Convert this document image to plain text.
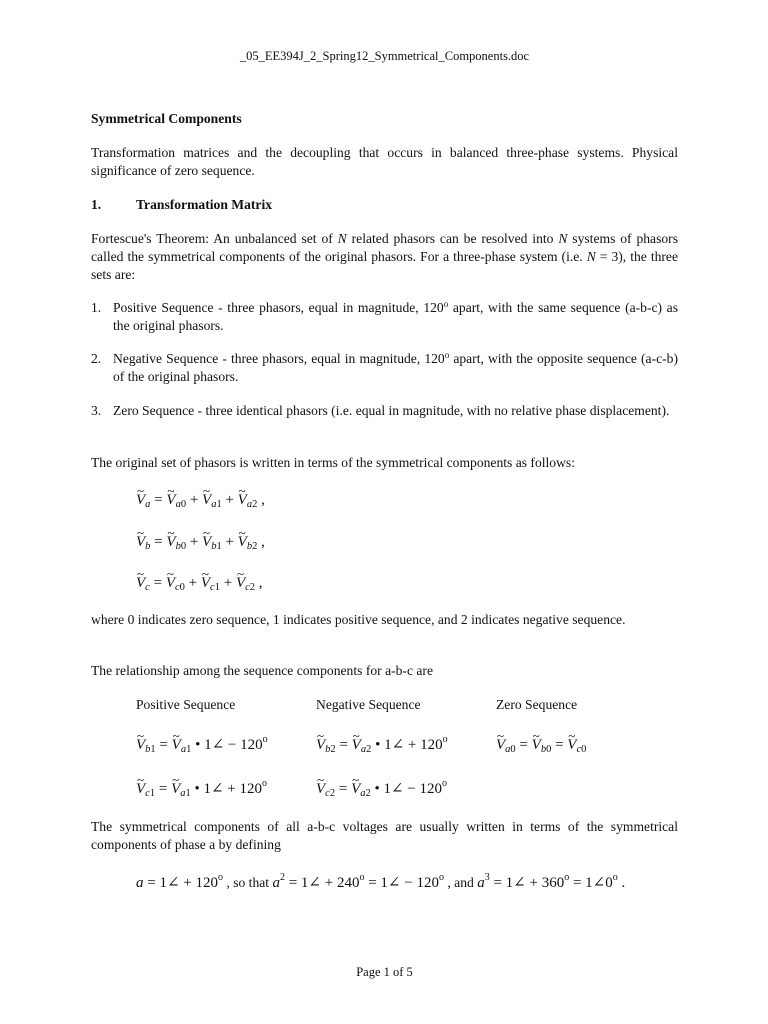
_05_EE394J_2_Spring12_Symmetrical_Components.doc
Symmetrical Components
Transformation matrices and the decoupling that occurs in balanced three-phase systems. Physical significance of zero sequence.
1.	Transformation Matrix
Fortescue's Theorem: An unbalanced set of N related phasors can be resolved into N systems of phasors called the symmetrical components of the original phasors. For a three-phase system (i.e. N = 3), the three sets are:
1. Positive Sequence - three phasors, equal in magnitude, 120$^o$ apart, with the same sequence (a-b-c) as the original phasors.
2. Negative Sequence - three phasors, equal in magnitude, 120$^o$ apart, with the opposite sequence (a-c-b) of the original phasors.
3. Zero Sequence - three identical phasors (i.e. equal in magnitude, with no relative phase displacement).
The original set of phasors is written in terms of the symmetrical components as follows:
~ $V_a$ = ~ $V_{a0}$ + ~ $V_{a1}$ + ~ $V_{a2}$ ,
~ $V_b$ = ~ $V_{b0}$ + ~ $V_{b1}$ + ~ $V_{b2}$ ,
~ $V_c$ = ~ $V_{c0}$ + ~ $V_{c1}$ + ~ $V_{c2}$ ,
where 0 indicates zero sequence, 1 indicates positive sequence, and 2 indicates negative sequence.
The relationship among the sequence components for a-b-c are
Positive Sequence	Negative Sequence	Zero Sequence
~ $V_{b1}$ = ~ $V_{a1}$ • 1∠ − $120^o$	~ $V_{b2}$ = ~ $V_{a2}$ • 1∠ + $120^o$	~ $V_{a0}$ = ~ $V_{b0}$ = ~ $V_{c0}$
~ $V_{c1}$ = ~ $V_{a1}$ • 1∠ + $120^o$	~ $V_{c2}$ = ~ $V_{a2}$ • 1∠ − $120^o$
The symmetrical components of all a-b-c voltages are usually written in terms of the symmetrical components of phase a by defining
a = 1∠ + $120^o$ , so that $a^2$ = 1∠ + $240^o$ = 1∠ − $120^o$ , and $a^3$ = 1∠ + $360^o$ = $1\angle 0^o$ .
Page 1 of 5
